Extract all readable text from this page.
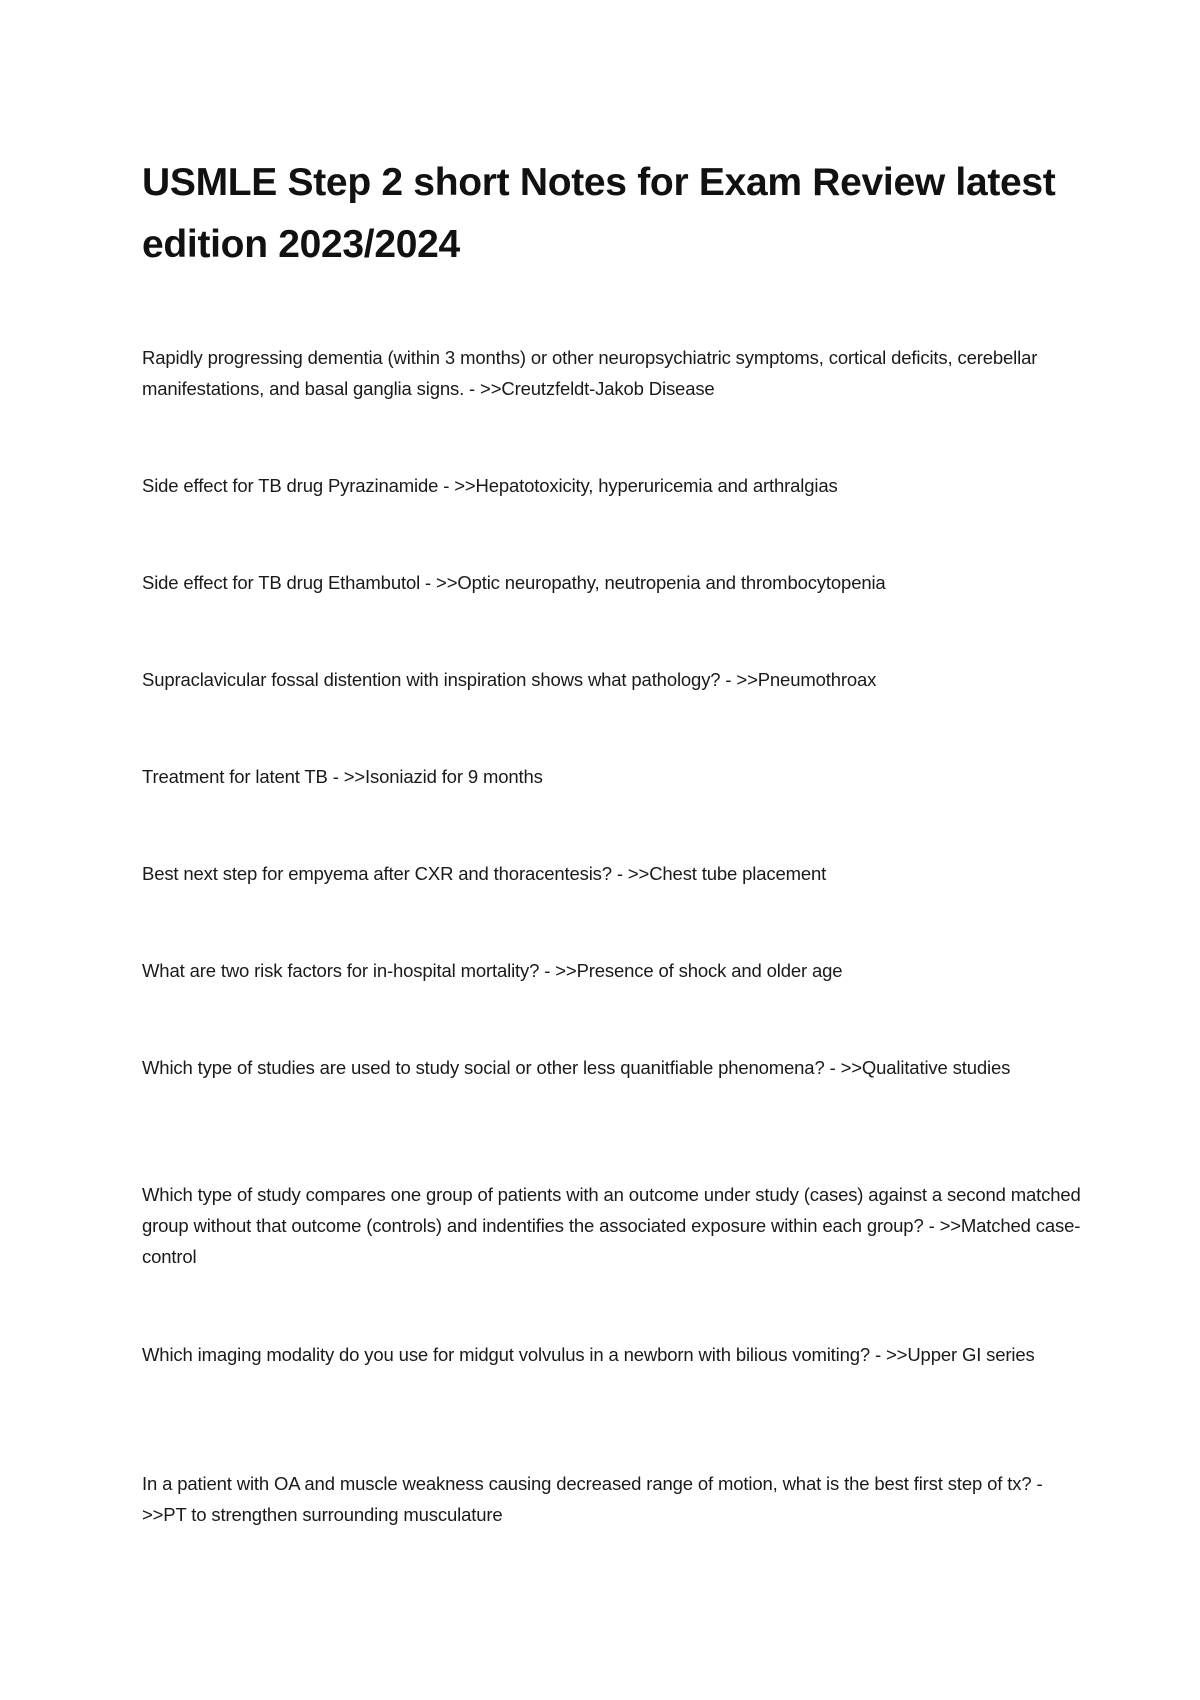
USMLE Step 2 short Notes for Exam Review latest edition 2023/2024

Rapidly progressing dementia (within 3 months) or other neuropsychiatric symptoms, cortical deficits, cerebellar manifestations, and basal ganglia signs. - >>Creutzfeldt-Jakob Disease

Side effect for TB drug Pyrazinamide - >>Hepatotoxicity, hyperuricemia and arthralgias

Side effect for TB drug Ethambutol - >>Optic neuropathy, neutropenia and thrombocytopenia

Supraclavicular fossal distention with inspiration shows what pathology? - >>Pneumothroax

Treatment for latent TB - >>Isoniazid for 9 months

Best next step for empyema after CXR and thoracentesis? - >>Chest tube placement

What are two risk factors for in-hospital mortality? - >>Presence of shock and older age

Which type of studies are used to study social or other less quanitfiable phenomena? - >>Qualitative studies

Which type of study compares one group of patients with an outcome under study (cases) against a second matched group without that outcome (controls) and indentifies the associated exposure within each group? - >>Matched case- control

Which imaging modality do you use for midgut volvulus in a newborn with bilious vomiting? - >>Upper GI series

In a patient with OA and muscle weakness causing decreased range of motion, what is the best first step of tx? - >>PT to strengthen surrounding musculature
